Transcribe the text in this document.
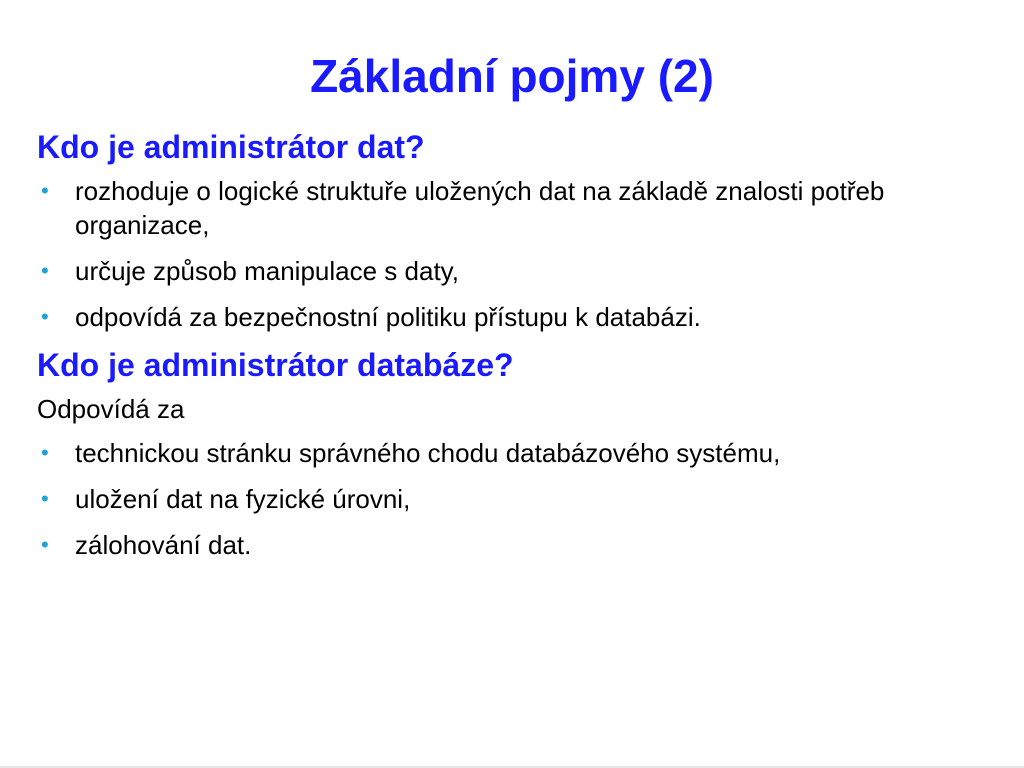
Základní pojmy (2)
Kdo je administrátor dat?
• rozhoduje o logické struktuře uložených dat na základě znalosti potřeb organizace,
• určuje způsob manipulace s daty,
• odpovídá za bezpečnostní politiku přístupu k databázi.
Kdo je administrátor databáze?
Odpovídá za
• technickou stránku správného chodu databázového systému,
• uložení dat na fyzické úrovni,
• zálohování dat.
